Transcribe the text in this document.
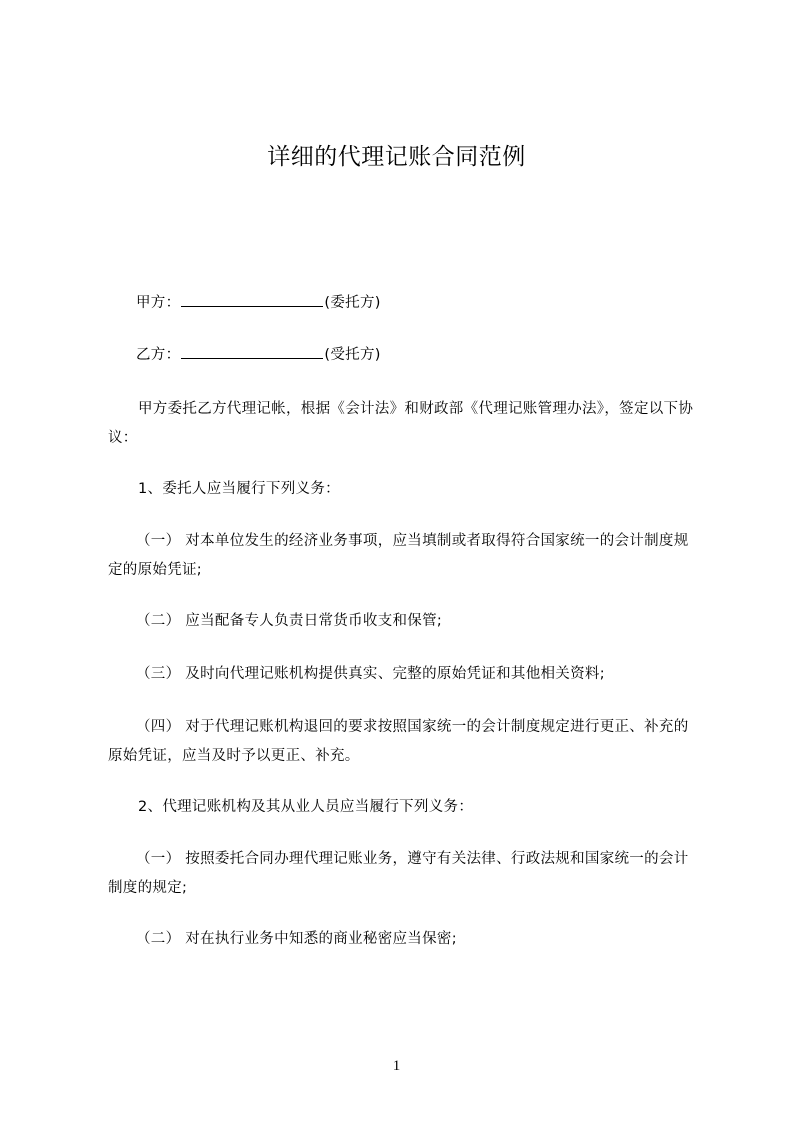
详细的代理记账合同范例
甲方：	(委托方)
乙方：	(受托方)
甲方委托乙方代理记帐，根据《会计法》和财政部《代理记账管理办法》，签定以下协议：
1、委托人应当履行下列义务：
（一） 对本单位发生的经济业务事项，应当填制或者取得符合国家统一的会计制度规定的原始凭证;
（二） 应当配备专人负责日常货币收支和保管;
（三） 及时向代理记账机构提供真实、完整的原始凭证和其他相关资料;
（四） 对于代理记账机构退回的要求按照国家统一的会计制度规定进行更正、补充的原始凭证，应当及时予以更正、补充。
2、代理记账机构及其从业人员应当履行下列义务：
（一） 按照委托合同办理代理记账业务，遵守有关法律、行政法规和国家统一的会计制度的规定;
（二） 对在执行业务中知悉的商业秘密应当保密;
1
